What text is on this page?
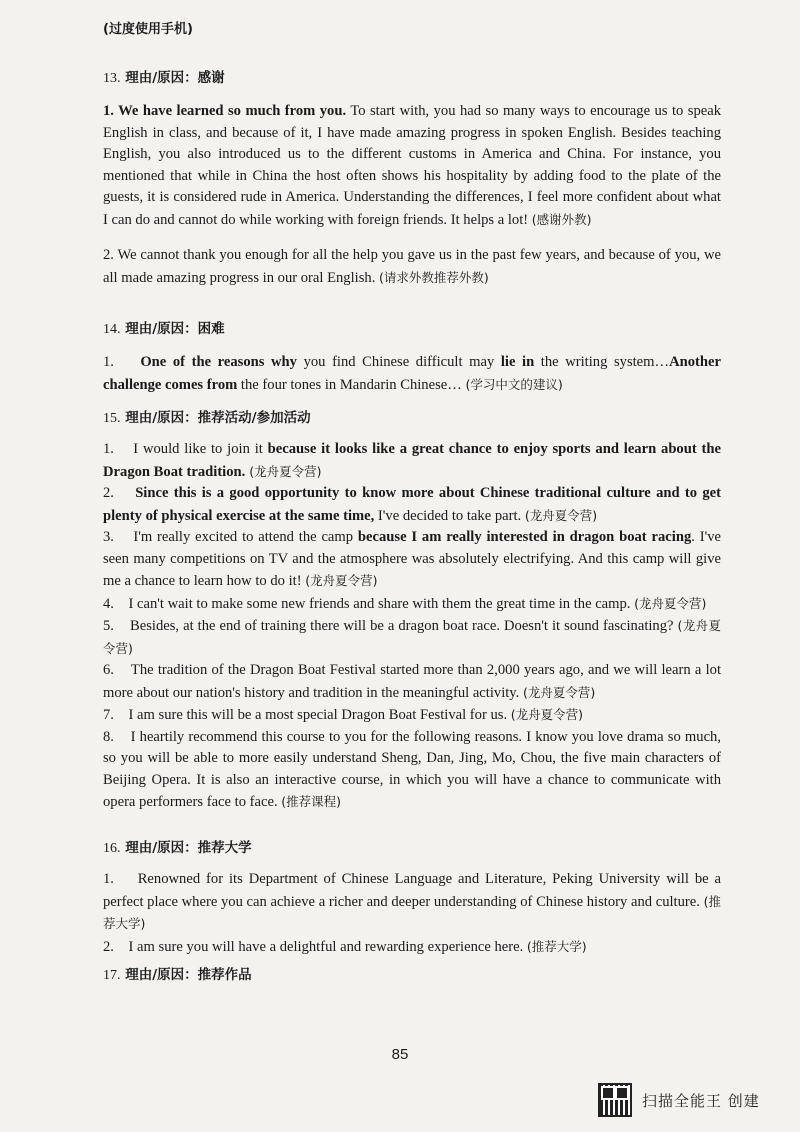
(过度使用手机)
13. 理由/原因：感谢

1. We have learned so much from you. To start with, you had so many ways to encourage us to speak English in class, and because of it, I have made amazing progress in spoken English. Besides teaching English, you also introduced us to the different customs in America and China. For instance, you mentioned that while in China the host often shows his hospitality by adding food to the plate of the guests, it is considered rude in America. Understanding the differences, I feel more confident about what I can do and cannot do while working with foreign friends. It helps a lot! (感谢外教)

2. We cannot thank you enough for all the help you gave us in the past few years, and because of you, we all made amazing progress in our oral English. (请求外教推荐外教)

14. 理由/原因：困难

1. One of the reasons why you find Chinese difficult may lie in the writing system…Another challenge comes from the four tones in Mandarin Chinese… (学习中文的建议)

15. 理由/原因：推荐活动/参加活动

1. I would like to join it because it looks like a great chance to enjoy sports and learn about the Dragon Boat tradition. (龙舟夏令营)

2. Since this is a good opportunity to know more about Chinese traditional culture and to get plenty of physical exercise at the same time, I've decided to take part. (龙舟夏令营)

3. I'm really excited to attend the camp because I am really interested in dragon boat racing. I've seen many competitions on TV and the atmosphere was absolutely electrifying. And this camp will give me a chance to learn how to do it! (龙舟夏令营)

4. I can't wait to make some new friends and share with them the great time in the camp. (龙舟夏令营)

5. Besides, at the end of training there will be a dragon boat race. Doesn't it sound fascinating? (龙舟夏令营)

6. The tradition of the Dragon Boat Festival started more than 2,000 years ago, and we will learn a lot more about our nation's history and tradition in the meaningful activity. (龙舟夏令营)

7. I am sure this will be a most special Dragon Boat Festival for us. (龙舟夏令营)

8. I heartily recommend this course to you for the following reasons. I know you love drama so much, so you will be able to more easily understand Sheng, Dan, Jing, Mo, Chou, the five main characters of Beijing Opera. It is also an interactive course, in which you will have a chance to communicate with opera performers face to face. (推荐课程)

16. 理由/原因：推荐大学

1. Renowned for its Department of Chinese Language and Literature, Peking University will be a perfect place where you can achieve a richer and deeper understanding of Chinese history and culture. (推荐大学)

2. I am sure you will have a delightful and rewarding experience here. (推荐大学)

17. 理由/原因：推荐作品
85
扫描全能王 创建
